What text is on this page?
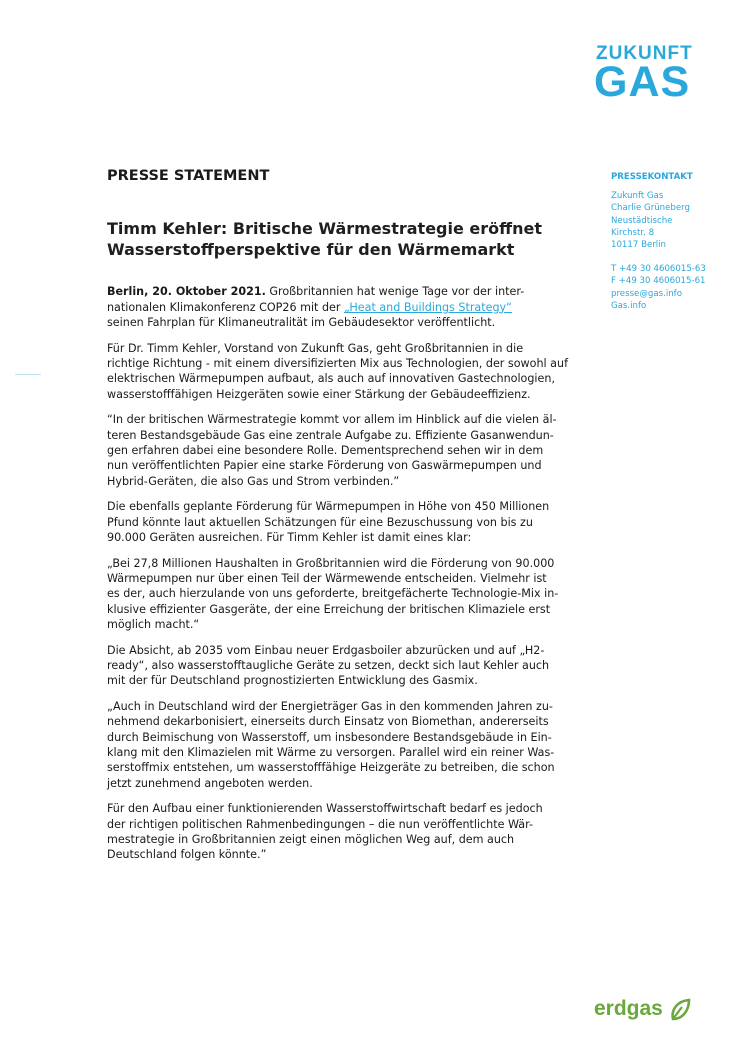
ZUKUNFT
GAS
PRESSEKONTAKT
Zukunft Gas
Charlie Grüneberg
Neustädtische
Kirchstr. 8
10117 Berlin
T +49 30 4606015-63
F +49 30 4606015-61
presse@gas.info
Gas.info
PRESSE STATEMENT
Timm Kehler: Britische Wärmestrategie eröffnet
Wasserstoffperspektive für den Wärmemarkt
Berlin, 20. Oktober 2021. Großbritannien hat wenige Tage vor der inter-
nationalen Klimakonferenz COP26 mit der „Heat and Buildings Strategy“
seinen Fahrplan für Klimaneutralität im Gebäudesektor veröffentlicht.
Für Dr. Timm Kehler, Vorstand von Zukunft Gas, geht Großbritannien in die
richtige Richtung - mit einem diversifizierten Mix aus Technologien, der sowohl auf
elektrischen Wärmepumpen aufbaut, als auch auf innovativen Gastechnologien,
wasserstofffähigen Heizgeräten sowie einer Stärkung der Gebäudeeffizienz.
“In der britischen Wärmestrategie kommt vor allem im Hinblick auf die vielen äl-
teren Bestandsgebäude Gas eine zentrale Aufgabe zu. Effiziente Gasanwendun-
gen erfahren dabei eine besondere Rolle. Dementsprechend sehen wir in dem
nun veröffentlichten Papier eine starke Förderung von Gaswärmepumpen und
Hybrid-Geräten, die also Gas und Strom verbinden.”
Die ebenfalls geplante Förderung für Wärmepumpen in Höhe von 450 Millionen
Pfund könnte laut aktuellen Schätzungen für eine Bezuschussung von bis zu
90.000 Geräten ausreichen. Für Timm Kehler ist damit eines klar:
„Bei 27,8 Millionen Haushalten in Großbritannien wird die Förderung von 90.000
Wärmepumpen nur über einen Teil der Wärmewende entscheiden. Vielmehr ist
es der, auch hierzulande von uns geforderte, breitgefächerte Technologie-Mix in-
klusive effizienter Gasgeräte, der eine Erreichung der britischen Klimaziele erst
möglich macht.“
Die Absicht, ab 2035 vom Einbau neuer Erdgasboiler abzurücken und auf „H2-
ready“, also wasserstofftaugliche Geräte zu setzen, deckt sich laut Kehler auch
mit der für Deutschland prognostizierten Entwicklung des Gasmix.
„Auch in Deutschland wird der Energieträger Gas in den kommenden Jahren zu-
nehmend dekarbonisiert, einerseits durch Einsatz von Biomethan, andererseits
durch Beimischung von Wasserstoff, um insbesondere Bestandsgebäude in Ein-
klang mit den Klimazielen mit Wärme zu versorgen. Parallel wird ein reiner Was-
serstoffmix entstehen, um wasserstofffähige Heizgeräte zu betreiben, die schon
jetzt zunehmend angeboten werden.
Für den Aufbau einer funktionierenden Wasserstoffwirtschaft bedarf es jedoch
der richtigen politischen Rahmenbedingungen – die nun veröffentlichte Wär-
mestrategie in Großbritannien zeigt einen möglichen Weg auf, dem auch
Deutschland folgen könnte.”
erdgas
